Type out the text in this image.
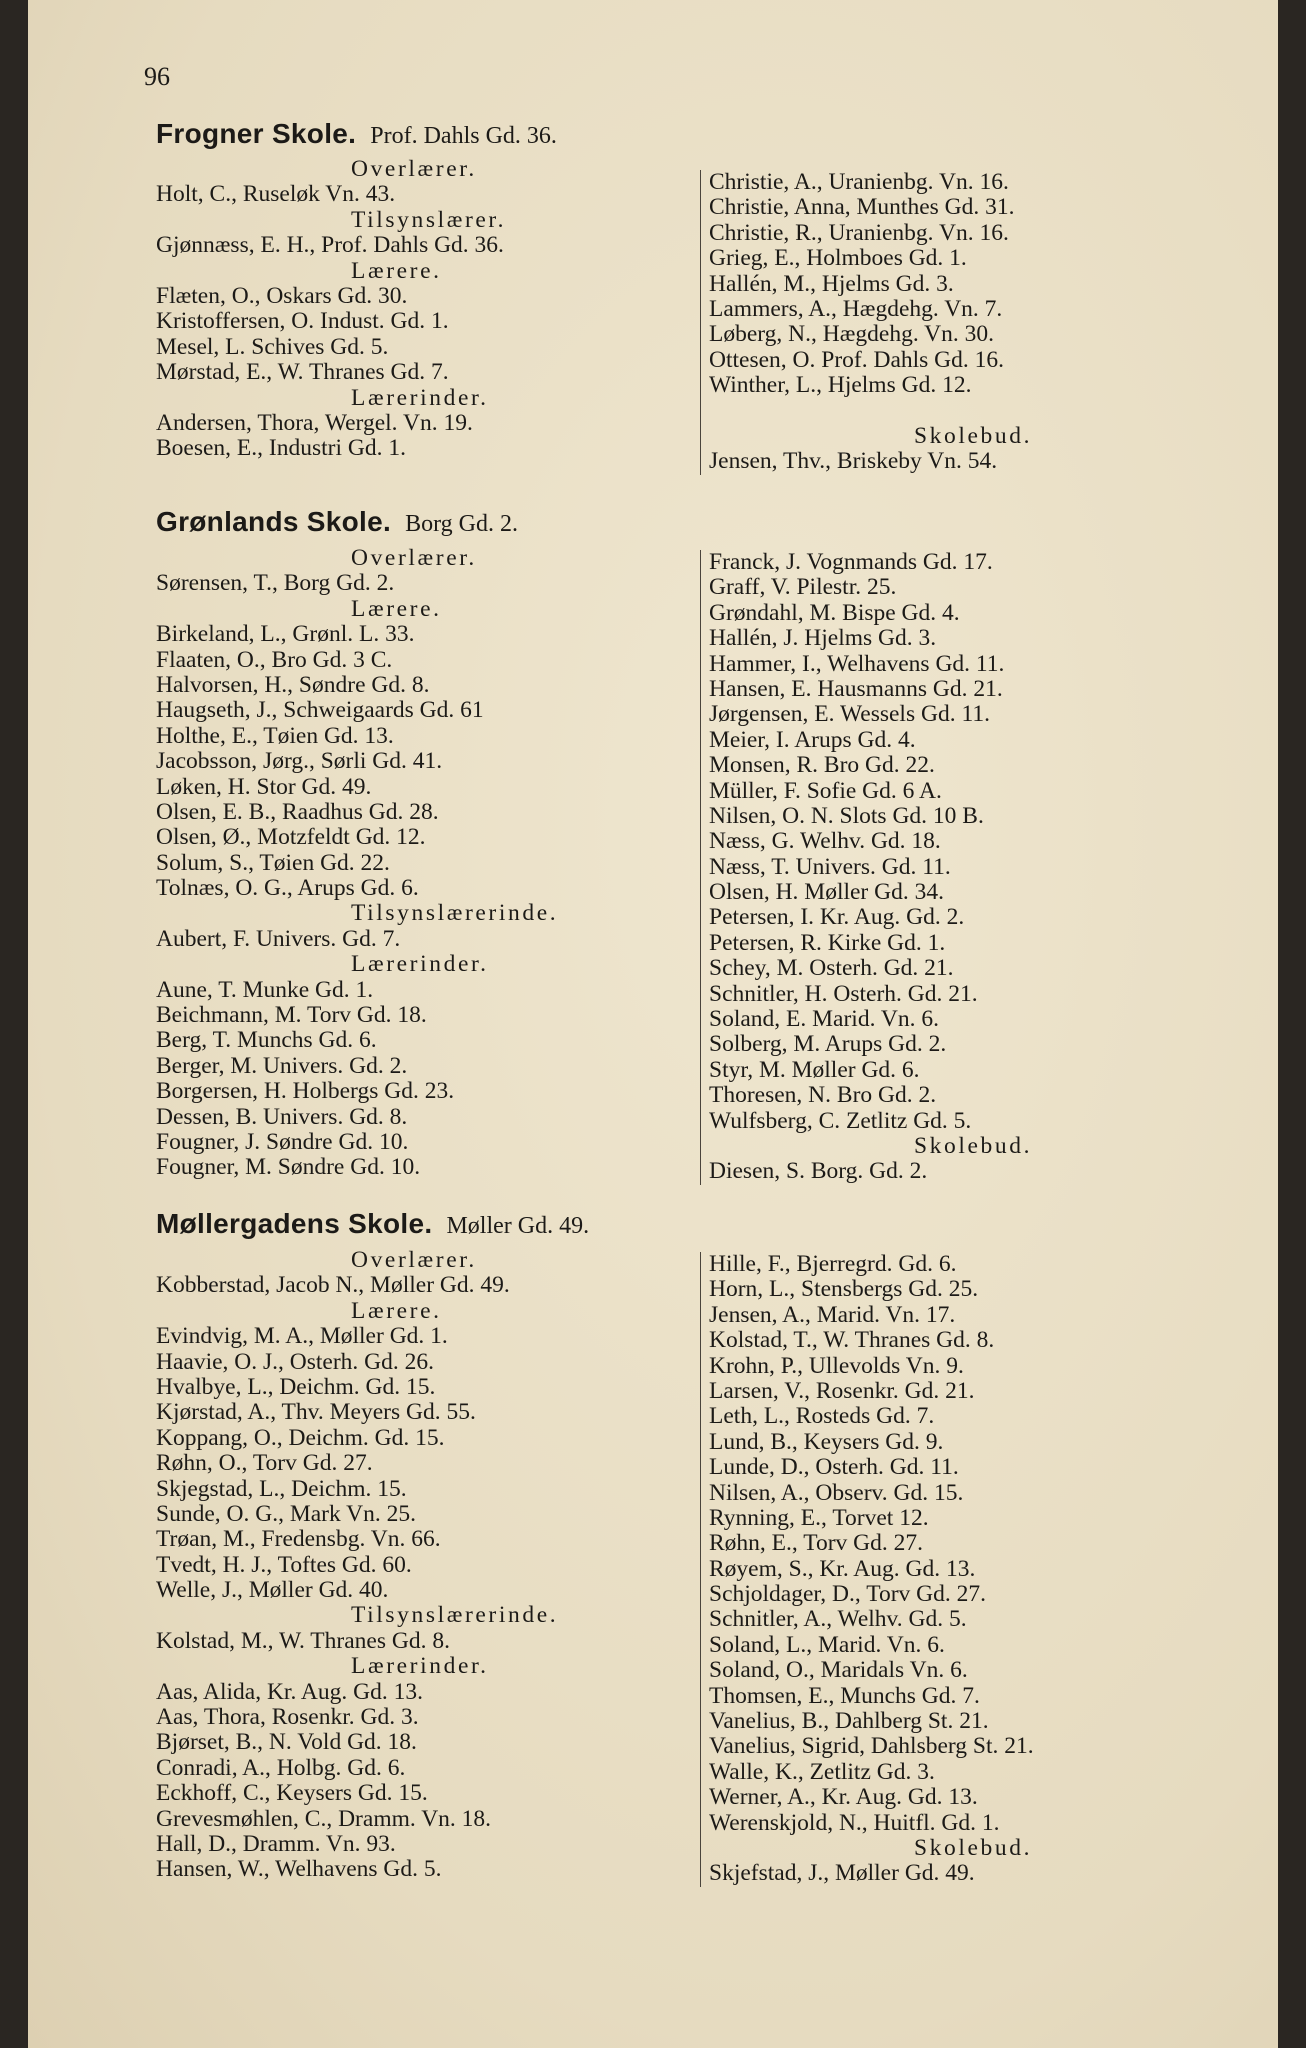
96
Frogner Skole. Prof. Dahls Gd. 36.
Overlærer.
Holt, C., Ruseløk Vn. 43.
Tilsynslærer.
Gjønnæss, E. H., Prof. Dahls Gd. 36.
Lærere.
Flæten, O., Oskars Gd. 30.
Kristoffersen, O. Indust. Gd. 1.
Mesel, L. Schives Gd. 5.
Mørstad, E., W. Thranes Gd. 7.
Lærerinder.
Andersen, Thora, Wergel. Vn. 19.
Boesen, E., Industri Gd. 1.
Christie, A., Uranienbg. Vn. 16.
Christie, Anna, Munthes Gd. 31.
Christie, R., Uranienbg. Vn. 16.
Grieg, E., Holmboes Gd. 1.
Hallén, M., Hjelms Gd. 3.
Lammers, A., Hægdehg. Vn. 7.
Løberg, N., Hægdehg. Vn. 30.
Ottesen, O. Prof. Dahls Gd. 16.
Winther, L., Hjelms Gd. 12.
Skolebud.
Jensen, Thv., Briskeby Vn. 54.
Grønlands Skole. Borg Gd. 2.
Overlærer.
Sørensen, T., Borg Gd. 2.
Lærere.
Birkeland, L., Grønl. L. 33.
Flaaten, O., Bro Gd. 3 C.
Halvorsen, H., Søndre Gd. 8.
Haugseth, J., Schweigaards Gd. 61
Holthe, E., Tøien Gd. 13.
Jacobsson, Jørg., Sørli Gd. 41.
Løken, H. Stor Gd. 49.
Olsen, E. B., Raadhus Gd. 28.
Olsen, Ø., Motzfeldt Gd. 12.
Solum, S., Tøien Gd. 22.
Tolnæs, O. G., Arups Gd. 6.
Tilsynslærerinde.
Aubert, F. Univers. Gd. 7.
Lærerinder.
Aune, T. Munke Gd. 1.
Beichmann, M. Torv Gd. 18.
Berg, T. Munchs Gd. 6.
Berger, M. Univers. Gd. 2.
Borgersen, H. Holbergs Gd. 23.
Dessen, B. Univers. Gd. 8.
Fougner, J. Søndre Gd. 10.
Fougner, M. Søndre Gd. 10.
Franck, J. Vognmands Gd. 17.
Graff, V. Pilestr. 25.
Grøndahl, M. Bispe Gd. 4.
Hallén, J. Hjelms Gd. 3.
Hammer, I., Welhavens Gd. 11.
Hansen, E. Hausmanns Gd. 21.
Jørgensen, E. Wessels Gd. 11.
Meier, I. Arups Gd. 4.
Monsen, R. Bro Gd. 22.
Müller, F. Sofie Gd. 6 A.
Nilsen, O. N. Slots Gd. 10 B.
Næss, G. Welhv. Gd. 18.
Næss, T. Univers. Gd. 11.
Olsen, H. Møller Gd. 34.
Petersen, I. Kr. Aug. Gd. 2.
Petersen, R. Kirke Gd. 1.
Schey, M. Osterh. Gd. 21.
Schnitler, H. Osterh. Gd. 21.
Soland, E. Marid. Vn. 6.
Solberg, M. Arups Gd. 2.
Styr, M. Møller Gd. 6.
Thoresen, N. Bro Gd. 2.
Wulfsberg, C. Zetlitz Gd. 5.
Skolebud.
Diesen, S. Borg. Gd. 2.
Møllergadens Skole. Møller Gd. 49.
Overlærer.
Kobberstad, Jacob N., Møller Gd. 49.
Lærere.
Evindvig, M. A., Møller Gd. 1.
Haavie, O. J., Osterh. Gd. 26.
Hvalbye, L., Deichm. Gd. 15.
Kjørstad, A., Thv. Meyers Gd. 55.
Koppang, O., Deichm. Gd. 15.
Røhn, O., Torv Gd. 27.
Skjegstad, L., Deichm. 15.
Sunde, O. G., Mark Vn. 25.
Trøan, M., Fredensbg. Vn. 66.
Tvedt, H. J., Toftes Gd. 60.
Welle, J., Møller Gd. 40.
Tilsynslærerinde.
Kolstad, M., W. Thranes Gd. 8.
Lærerinder.
Aas, Alida, Kr. Aug. Gd. 13.
Aas, Thora, Rosenkr. Gd. 3.
Bjørset, B., N. Vold Gd. 18.
Conradi, A., Holbg. Gd. 6.
Eckhoff, C., Keysers Gd. 15.
Grevesmøhlen, C., Dramm. Vn. 18.
Hall, D., Dramm. Vn. 93.
Hansen, W., Welhavens Gd. 5.
Hille, F., Bjerregrd. Gd. 6.
Horn, L., Stensbergs Gd. 25.
Jensen, A., Marid. Vn. 17.
Kolstad, T., W. Thranes Gd. 8.
Krohn, P., Ullevolds Vn. 9.
Larsen, V., Rosenkr. Gd. 21.
Leth, L., Rosteds Gd. 7.
Lund, B., Keysers Gd. 9.
Lunde, D., Osterh. Gd. 11.
Nilsen, A., Observ. Gd. 15.
Rynning, E., Torvet 12.
Røhn, E., Torv Gd. 27.
Røyem, S., Kr. Aug. Gd. 13.
Schjoldager, D., Torv Gd. 27.
Schnitler, A., Welhv. Gd. 5.
Soland, L., Marid. Vn. 6.
Soland, O., Maridals Vn. 6.
Thomsen, E., Munchs Gd. 7.
Vanelius, B., Dahlberg St. 21.
Vanelius, Sigrid, Dahlsberg St. 21.
Walle, K., Zetlitz Gd. 3.
Werner, A., Kr. Aug. Gd. 13.
Werenskjold, N., Huitfl. Gd. 1.
Skolebud.
Skjefstad, J., Møller Gd. 49.
